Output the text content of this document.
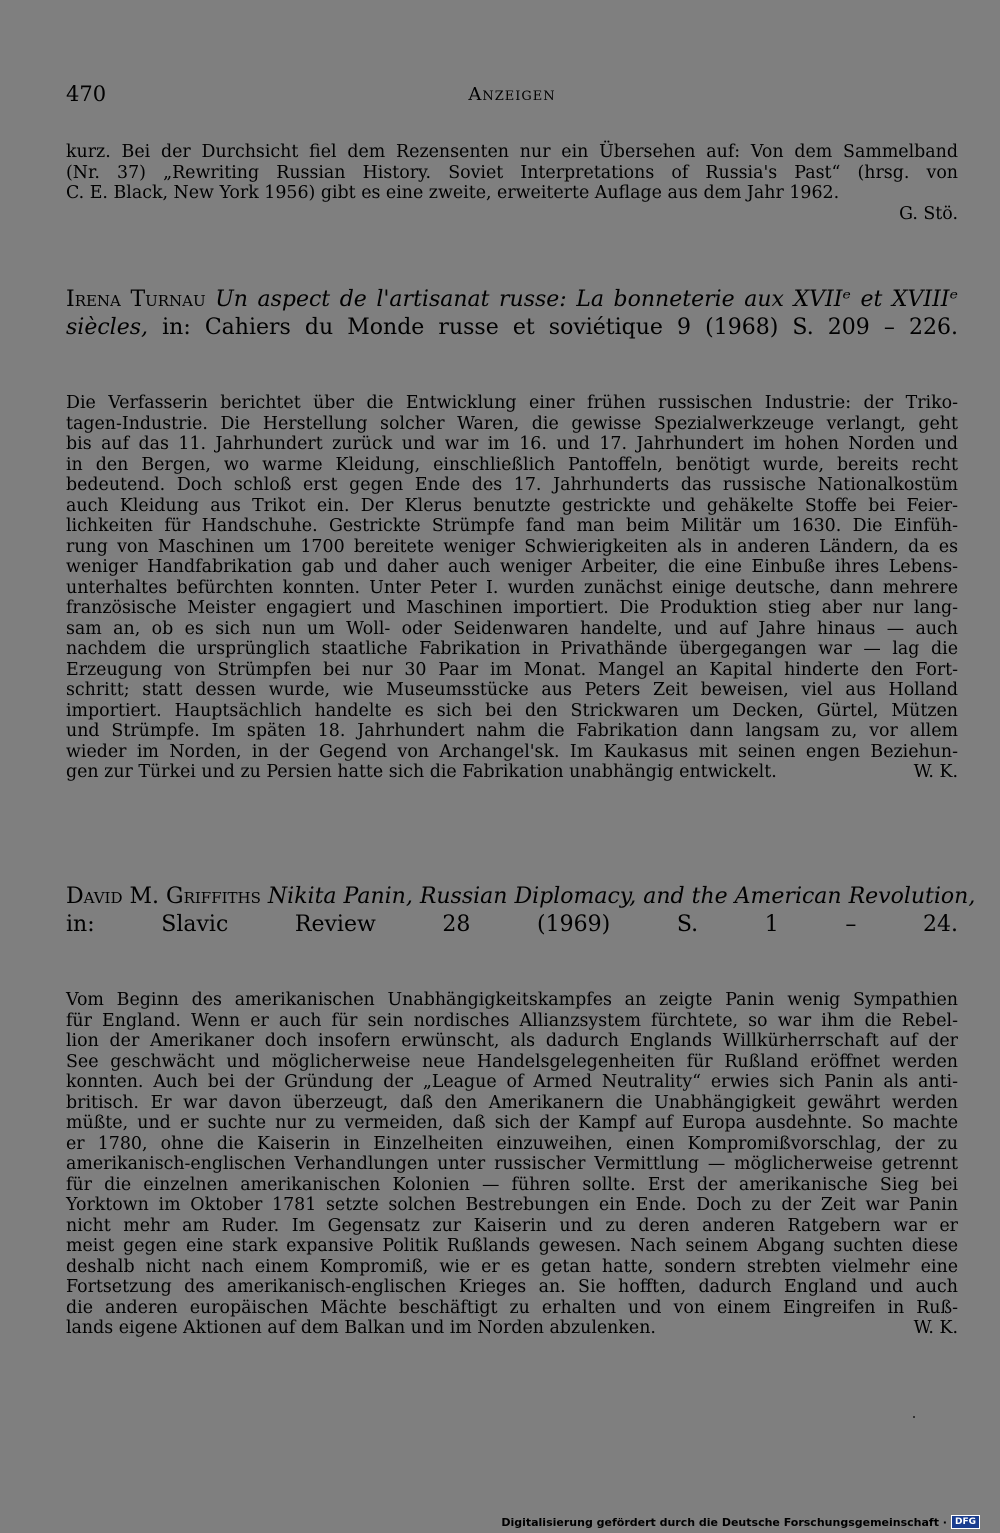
470	Anzeigen
kurz. Bei der Durchsicht fiel dem Rezensenten nur ein Übersehen auf: Von dem Sammelband
(Nr. 37) „Rewriting Russian History. Soviet Interpretations of Russia's Past“ (hrsg. von
C. E. Black, New York 1956) gibt es eine zweite, erweiterte Auflage aus dem Jahr 1962.
G. Stö.
Irena Turnau Un aspect de l'artisanat russe: La bonneterie aux XVIIᵉ et XVIIIᵉ
siècles, in: Cahiers du Monde russe et soviétique 9 (1968) S. 209 – 226.
Die Verfasserin berichtet über die Entwicklung einer frühen russischen Industrie: der Triko-
tagen-Industrie. Die Herstellung solcher Waren, die gewisse Spezialwerkzeuge verlangt, geht
bis auf das 11. Jahrhundert zurück und war im 16. und 17. Jahrhundert im hohen Norden und
in den Bergen, wo warme Kleidung, einschließlich Pantoffeln, benötigt wurde, bereits recht
bedeutend. Doch schloß erst gegen Ende des 17. Jahrhunderts das russische Nationalkostüm
auch Kleidung aus Trikot ein. Der Klerus benutzte gestrickte und gehäkelte Stoffe bei Feier-
lichkeiten für Handschuhe. Gestrickte Strümpfe fand man beim Militär um 1630. Die Einfüh-
rung von Maschinen um 1700 bereitete weniger Schwierigkeiten als in anderen Ländern, da es
weniger Handfabrikation gab und daher auch weniger Arbeiter, die eine Einbuße ihres Lebens-
unterhaltes befürchten konnten. Unter Peter I. wurden zunächst einige deutsche, dann mehrere
französische Meister engagiert und Maschinen importiert. Die Produktion stieg aber nur lang-
sam an, ob es sich nun um Woll- oder Seidenwaren handelte, und auf Jahre hinaus — auch
nachdem die ursprünglich staatliche Fabrikation in Privathände übergegangen war — lag die
Erzeugung von Strümpfen bei nur 30 Paar im Monat. Mangel an Kapital hinderte den Fort-
schritt; statt dessen wurde, wie Museumsstücke aus Peters Zeit beweisen, viel aus Holland
importiert. Hauptsächlich handelte es sich bei den Strickwaren um Decken, Gürtel, Mützen
und Strümpfe. Im späten 18. Jahrhundert nahm die Fabrikation dann langsam zu, vor allem
wieder im Norden, in der Gegend von Archangel'sk. Im Kaukasus mit seinen engen Beziehun-
gen zur Türkei und zu Persien hatte sich die Fabrikation unabhängig entwickelt.	W. K.
David M. Griffiths Nikita Panin, Russian Diplomacy, and the American Revolution,
in: Slavic Review 28 (1969) S. 1 – 24.
Vom Beginn des amerikanischen Unabhängigkeitskampfes an zeigte Panin wenig Sympathien
für England. Wenn er auch für sein nordisches Allianzsystem fürchtete, so war ihm die Rebel-
lion der Amerikaner doch insofern erwünscht, als dadurch Englands Willkürherrschaft auf der
See geschwächt und möglicherweise neue Handelsgelegenheiten für Rußland eröffnet werden
konnten. Auch bei der Gründung der „League of Armed Neutrality“ erwies sich Panin als anti-
britisch. Er war davon überzeugt, daß den Amerikanern die Unabhängigkeit gewährt werden
müßte, und er suchte nur zu vermeiden, daß sich der Kampf auf Europa ausdehnte. So machte
er 1780, ohne die Kaiserin in Einzelheiten einzuweihen, einen Kompromißvorschlag, der zu
amerikanisch-englischen Verhandlungen unter russischer Vermittlung — möglicherweise getrennt
für die einzelnen amerikanischen Kolonien — führen sollte. Erst der amerikanische Sieg bei
Yorktown im Oktober 1781 setzte solchen Bestrebungen ein Ende. Doch zu der Zeit war Panin
nicht mehr am Ruder. Im Gegensatz zur Kaiserin und zu deren anderen Ratgebern war er
meist gegen eine stark expansive Politik Rußlands gewesen. Nach seinem Abgang suchten diese
deshalb nicht nach einem Kompromiß, wie er es getan hatte, sondern strebten vielmehr eine
Fortsetzung des amerikanisch-englischen Krieges an. Sie hofften, dadurch England und auch
die anderen europäischen Mächte beschäftigt zu erhalten und von einem Eingreifen in Ruß-
lands eigene Aktionen auf dem Balkan und im Norden abzulenken.	W. K.
Digitalisierung gefördert durch die Deutsche Forschungsgemeinschaft · DFG
